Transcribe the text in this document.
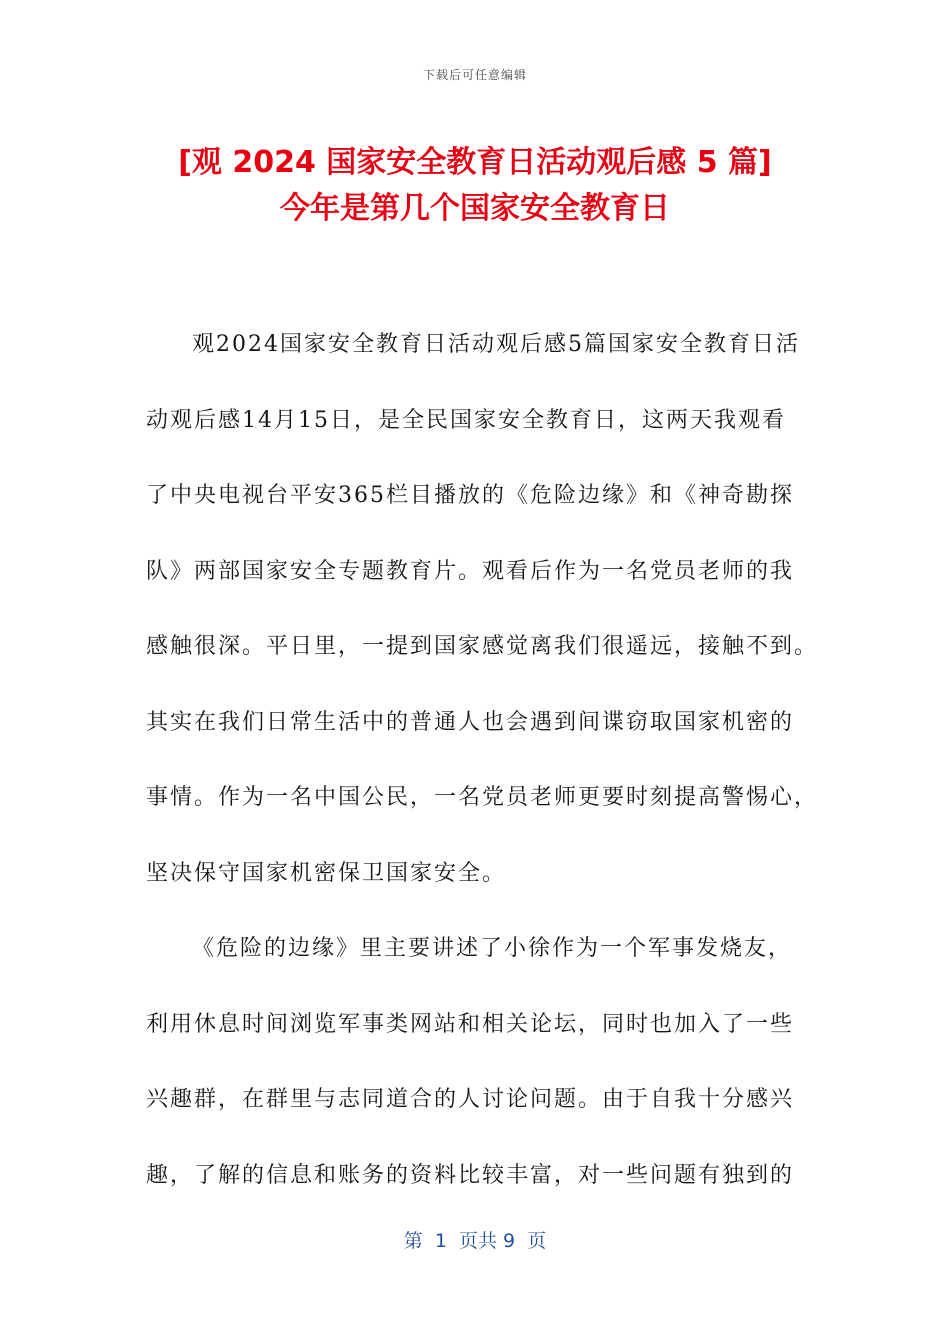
下载后可任意编辑
[观 2024 国家安全教育日活动观后感 5 篇]
今年是第几个国家安全教育日
观2024国家安全教育日活动观后感5篇国家安全教育日活
动观后感14月15日，是全民国家安全教育日，这两天我观看
了中央电视台平安365栏目播放的《危险边缘》和《神奇勘探
队》两部国家安全专题教育片。观看后作为一名党员老师的我
感触很深。平日里，一提到国家感觉离我们很遥远，接触不到。
其实在我们日常生活中的普通人也会遇到间谍窃取国家机密的
事情。作为一名中国公民，一名党员老师更要时刻提高警惕心，
坚决保守国家机密保卫国家安全。
《危险的边缘》里主要讲述了小徐作为一个军事发烧友，
利用休息时间浏览军事类网站和相关论坛，同时也加入了一些
兴趣群，在群里与志同道合的人讨论问题。由于自我十分感兴
趣，了解的信息和账务的资料比较丰富，对一些问题有独到的
第  1  页共 9  页
